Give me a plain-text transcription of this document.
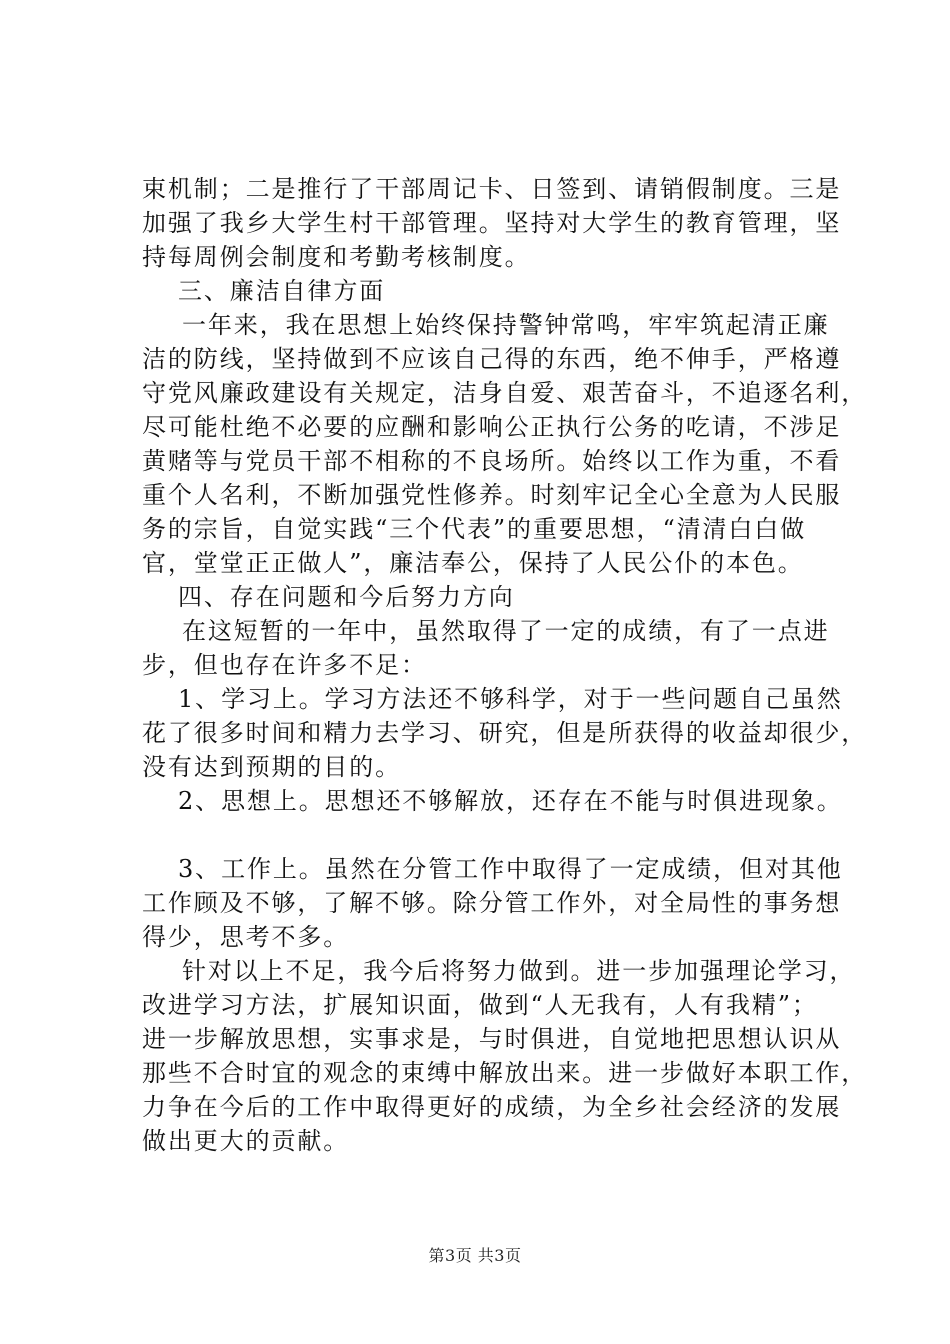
束机制；二是推行了干部周记卡、日签到、请销假制度。三是
加强了我乡大学生村干部管理。坚持对大学生的教育管理，坚
持每周例会制度和考勤考核制度。

三、廉洁自律方面

一年来，我在思想上始终保持警钟常鸣，牢牢筑起清正廉
洁的防线，坚持做到不应该自己得的东西，绝不伸手，严格遵
守党风廉政建设有关规定，洁身自爱、艰苦奋斗，不追逐名利，
尽可能杜绝不必要的应酬和影响公正执行公务的吃请，不涉足
黄赌等与党员干部不相称的不良场所。始终以工作为重，不看
重个人名利，不断加强党性修养。时刻牢记全心全意为人民服
务的宗旨，自觉实践“三个代表”的重要思想，“清清白白做
官，堂堂正正做人”，廉洁奉公，保持了人民公仆的本色。

四、存在问题和今后努力方向

在这短暂的一年中，虽然取得了一定的成绩，有了一点进
步，但也存在许多不足：

1、学习上。学习方法还不够科学，对于一些问题自己虽然
花了很多时间和精力去学习、研究，但是所获得的收益却很少，
没有达到预期的目的。

2、思想上。思想还不够解放，还存在不能与时俱进现象。

3、工作上。虽然在分管工作中取得了一定成绩，但对其他
工作顾及不够，了解不够。除分管工作外，对全局性的事务想
得少，思考不多。

针对以上不足，我今后将努力做到。进一步加强理论学习，
改进学习方法，扩展知识面，做到“人无我有，人有我精”；
进一步解放思想，实事求是，与时俱进，自觉地把思想认识从
那些不合时宜的观念的束缚中解放出来。进一步做好本职工作，
力争在今后的工作中取得更好的成绩，为全乡社会经济的发展
做出更大的贡献。

第3页 共3页
